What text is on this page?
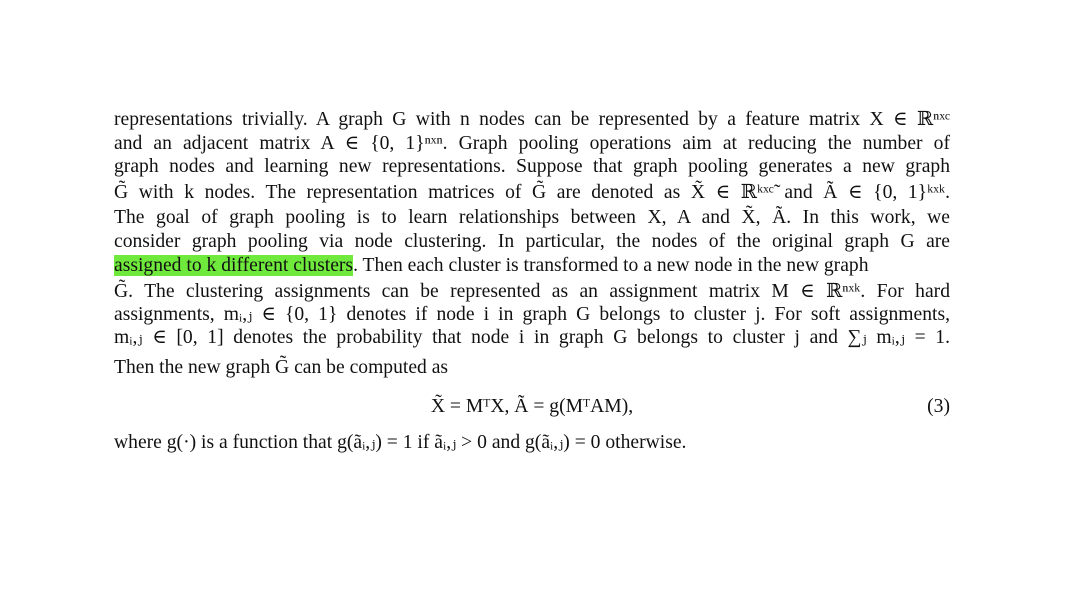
representations trivially. A graph G with n nodes can be represented by a feature matrix X ∈ ℝⁿˣᶜ
and an adjacent matrix A ∈ {0, 1}ⁿˣⁿ. Graph pooling operations aim at reducing the number of
graph nodes and learning new representations. Suppose that graph pooling generates a new graph
G̃ with k nodes. The representation matrices of G̃ are denoted as X̃ ∈ ℝᵏˣᶜ̃ and Ã ∈ {0, 1}ᵏˣᵏ.
The goal of graph pooling is to learn relationships between X, A and X̃, Ã. In this work, we
consider graph pooling via node clustering. In particular, the nodes of the original graph G are
assigned to k different clusters. Then each cluster is transformed to a new node in the new graph
G̃. The clustering assignments can be represented as an assignment matrix M ∈ ℝⁿˣᵏ. For hard
assignments, mᵢ,ⱼ ∈ {0, 1} denotes if node i in graph G belongs to cluster j. For soft assignments,
mᵢ,ⱼ ∈ [0, 1] denotes the probability that node i in graph G belongs to cluster j and ∑ⱼ mᵢ,ⱼ = 1.
Then the new graph G̃ can be computed as
X̃ = MᵀX, Ã = g(MᵀAM),	(3)
where g(·) is a function that g(ãᵢ,ⱼ) = 1 if ãᵢ,ⱼ > 0 and g(ãᵢ,ⱼ) = 0 otherwise.
